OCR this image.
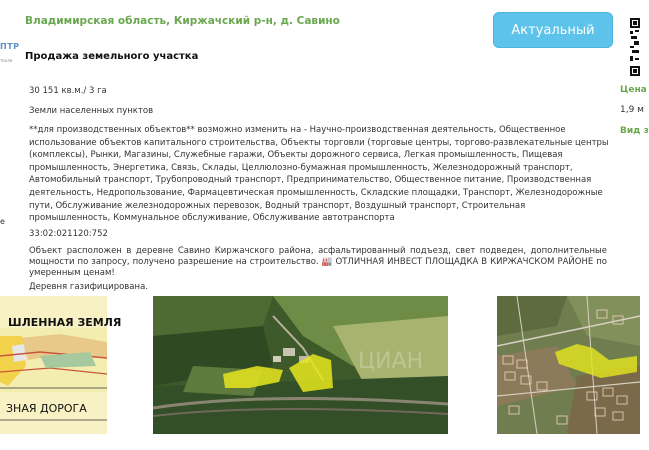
ПТР
ткаля
Владимирская область, Киржачский р-н, д. Савино
Продажа земельного участка
Актуальный
Цена
1,9 м
Вид з
30 151 кв.м./ 3 га
Земли населенных пунктов
**для производственных объектов** возможно изменить на - Научно-производственная деятельность, Общественное использование объектов капитального строительства, Объекты торговли (торговые центры, торгово-развлекательные центры (комплексы), Рынки, Магазины, Служебные гаражи, Объекты дорожного сервиса, Легкая промышленность, Пищевая промышленность, Энергетика, Связь, Склады, Целлюлозно-бумажная промышленность, Железнодорожный транспорт, Автомобильный транспорт, Трубопроводный транспорт, Предпринимательство, Общественное питание, Производственная деятельность, Недропользование, Фармацевтическая промышленность, Складские площадки, Транспорт, Железнодорожные пути, Обслуживание железнодорожных перевозок, Водный транспорт, Воздушный транспорт, Строительная промышленность, Коммунальное обслуживание, Обслуживание автотранспорта
е
33:02:021120:752
Объект расположен в деревне Савино Киржачского района, асфальтированный подъезд, свет подведен, дополнительные мощности по запросу, получено разрешение на строительство. 🏭 ОТЛИЧНАЯ ИНВЕСТ ПЛОЩАДКА В КИРЖАЧСКОМ РАЙОНЕ по умеренным ценам!
Деревня газифицирована.
ШЛЕННАЯ ЗЕМЛЯ
ЗНАЯ ДОРОГА
ЦИАН
